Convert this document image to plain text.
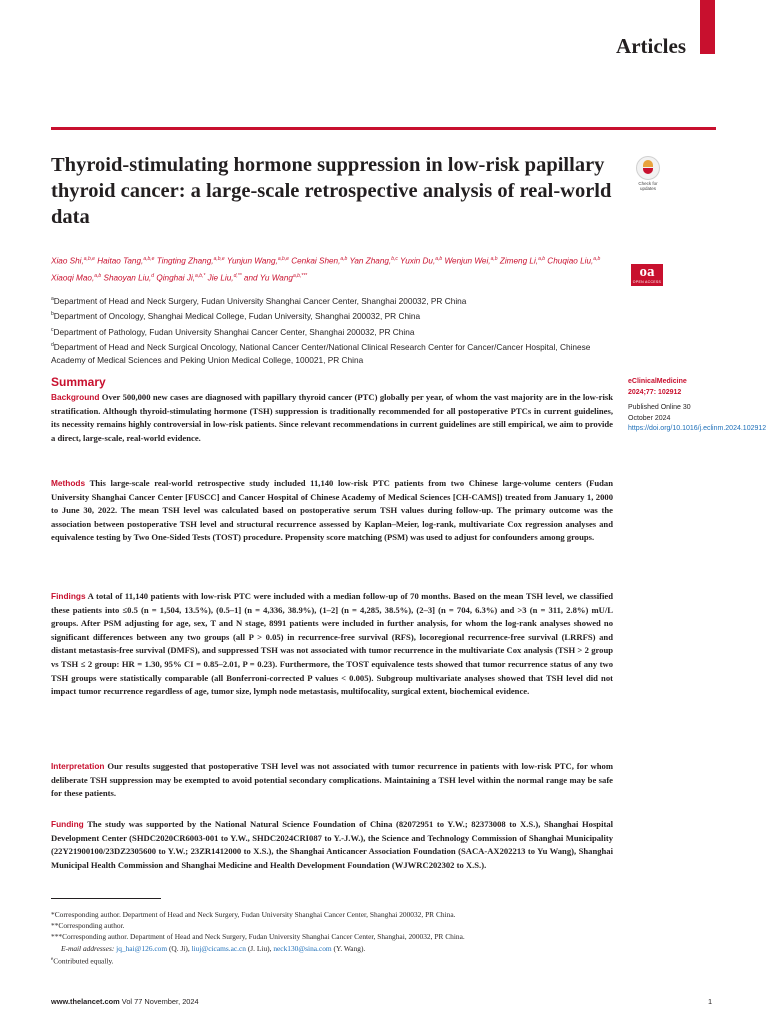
Articles
Thyroid-stimulating hormone suppression in low-risk papillary thyroid cancer: a large-scale retrospective analysis of real-world data
Check for updates
oa
OPEN ACCESS
Xiao Shi,$^{a,b,e}$ Haitao Tang,$^{a,b,e}$ Tingting Zhang,$^{a,b,e}$ Yunjun Wang,$^{a,b,e}$ Cenkai Shen,$^{a,b}$ Yan Zhang,$^{b,c}$ Yuxin Du,$^{a,b}$ Wenjun Wei,$^{a,b}$ Zimeng Li,$^{a,b}$ Chuqiao Liu,$^{a,b}$ Xiaoqi Mao,$^{a,b}$ Shaoyan Liu,$^d$ Qinghai Ji,$^{a,b,*}$ Jie Liu,$^{d,**}$ and Yu Wang$^{a,b,***}$
$^a$Department of Head and Neck Surgery, Fudan University Shanghai Cancer Center, Shanghai 200032, PR China
$^b$Department of Oncology, Shanghai Medical College, Fudan University, Shanghai 200032, PR China
$^c$Department of Pathology, Fudan University Shanghai Cancer Center, Shanghai 200032, PR China
$^d$Department of Head and Neck Surgical Oncology, National Cancer Center/National Clinical Research Center for Cancer/Cancer Hospital, Chinese Academy of Medical Sciences and Peking Union Medical College, 100021, PR China
Summary	eClinicalMedicine
2024;77: 102912
Published Online 30 October 2024
https://doi.org/10.1016/j.eclinm.2024.102912

Background Over 500,000 new cases are diagnosed with papillary thyroid cancer (PTC) globally per year, of whom the vast majority are in the low-risk stratification. Although thyroid-stimulating hormone (TSH) suppression is traditionally recommended for all postoperative PTCs in current guidelines, its necessity remains highly controversial in low-risk patients. Since relevant recommendations in current guidelines are still empirical, we aim to provide a direct, large-scale, real-world evidence.

Methods This large-scale real-world retrospective study included 11,140 low-risk PTC patients from two Chinese large-volume centers (Fudan University Shanghai Cancer Center [FUSCC] and Cancer Hospital of Chinese Academy of Medical Sciences [CH-CAMS]) treated from January 1, 2000 to June 30, 2022. The mean TSH level was calculated based on postoperative serum TSH values during follow-up. The primary outcome was the association between postoperative TSH level and structural recurrence assessed by Kaplan–Meier, log-rank, multivariate Cox regression analyses and equivalence testing by Two One-Sided Tests (TOST) procedure. Propensity score matching (PSM) was used to adjust for confounders among groups.

Findings A total of 11,140 patients with low-risk PTC were included with a median follow-up of 70 months. Based on the mean TSH level, we classified these patients into ≤0.5 (n = 1,504, 13.5%), (0.5–1] (n = 4,336, 38.9%), (1–2] (n = 4,285, 38.5%), (2–3] (n = 704, 6.3%) and >3 (n = 311, 2.8%) mU/L groups. After PSM adjusting for age, sex, T and N stage, 8991 patients were included in further analysis, for whom the log-rank analyses showed no significant differences between any two groups (all P > 0.05) in recurrence-free survival (RFS), locoregional recurrence-free survival (LRRFS) and distant metastasis-free survival (DMFS), and suppressed TSH was not associated with tumor recurrence in the multivariate Cox analysis (TSH > 2 group vs TSH ≤ 2 group: HR = 1.30, 95% CI = 0.85–2.01, P = 0.23). Furthermore, the TOST equivalence tests showed that tumor recurrence status of any two TSH groups were statistically comparable (all Bonferroni-corrected P values < 0.005). Subgroup multivariate analyses showed that TSH level did not impact tumor recurrence regardless of age, tumor size, lymph node metastasis, multifocality, surgical extent, biochemical evidence.

Interpretation Our results suggested that postoperative TSH level was not associated with tumor recurrence in patients with low-risk PTC, for whom deliberate TSH suppression may be exempted to avoid potential secondary complications. Maintaining a TSH level within the normal range may be safe for these patients.

Funding The study was supported by the National Natural Science Foundation of China (82072951 to Y.W.; 82373008 to X.S.), Shanghai Hospital Development Center (SHDC2020CR6003-001 to Y.W., SHDC2024CRI087 to Y.-J.W.), the Science and Technology Commission of Shanghai Municipality (22Y21900100/23DZ2305600 to Y.W.; 23ZR1412000 to X.S.), the Shanghai Anticancer Association Foundation (SACA-AX202213 to Yu Wang), Shanghai Municipal Health Commission and Shanghai Medicine and Health Development Foundation (WJWRC202302 to X.S.).

*Corresponding author. Department of Head and Neck Surgery, Fudan University Shanghai Cancer Center, Shanghai 200032, PR China.
**Corresponding author.
***Corresponding author. Department of Head and Neck Surgery, Fudan University Shanghai Cancer Center, Shanghai, 200032, PR China.
E-mail addresses: jq_hai@126.com (Q. Ji), liuj@cicams.ac.cn (J. Liu), neck130@sina.com (Y. Wang).
$^e$Contributed equally.
www.thelancet.com Vol 77 November, 2024	1
